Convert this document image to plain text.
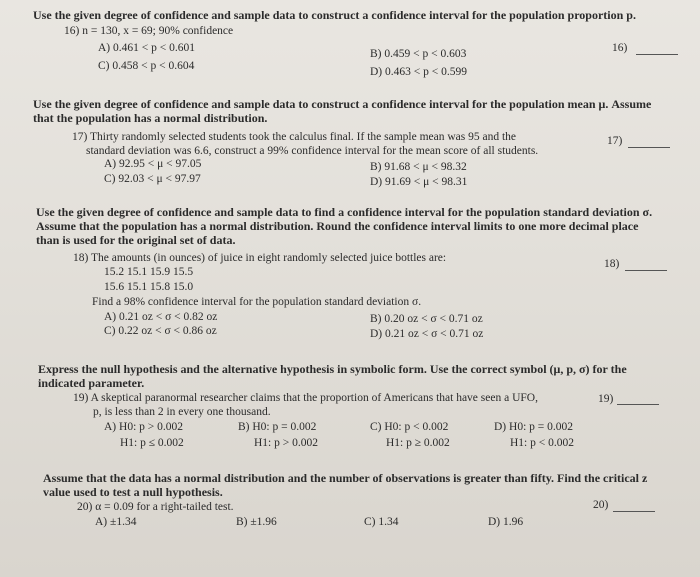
Use the given degree of confidence and sample data to construct a confidence interval for the population proportion p.
16) n = 130, x = 69; 90% confidence
16)
A) 0.461 < p < 0.601	B) 0.459 < p < 0.603
C) 0.458 < p < 0.604	D) 0.463 < p < 0.599
Use the given degree of confidence and sample data to construct a confidence interval for the population mean μ. Assume
that the population has a normal distribution.
17) Thirty randomly selected students took the calculus final. If the sample mean was 95 and the	17)
standard deviation was 6.6, construct a 99% confidence interval for the mean score of all students.
A) 92.95 < μ < 97.05	B) 91.68 < μ < 98.32
C) 92.03 < μ < 97.97	D) 91.69 < μ < 98.31
Use the given degree of confidence and sample data to find a confidence interval for the population standard deviation σ.
Assume that the population has a normal distribution. Round the confidence interval limits to one more decimal place
than is used for the original set of data.
18) The amounts (in ounces) of juice in eight randomly selected juice bottles are:	18)
15.2 15.1 15.9 15.5
15.6 15.1 15.8 15.0
Find a 98% confidence interval for the population standard deviation σ.
A) 0.21 oz < σ < 0.82 oz	B) 0.20 oz < σ < 0.71 oz
C) 0.22 oz < σ < 0.86 oz	D) 0.21 oz < σ < 0.71 oz
Express the null hypothesis and the alternative hypothesis in symbolic form. Use the correct symbol (μ, p, σ) for the
indicated parameter.
19) A skeptical paranormal researcher claims that the proportion of Americans that have seen a UFO,	19)
p, is less than 2 in every one thousand.
A) H0: p > 0.002
H1: p ≤ 0.002
B) H0: p = 0.002
H1: p > 0.002
C) H0: p < 0.002
H1: p ≥ 0.002
D) H0: p = 0.002
H1: p < 0.002
Assume that the data has a normal distribution and the number of observations is greater than fifty. Find the critical z
value used to test a null hypothesis.
20) α = 0.09 for a right-tailed test.	20)
A) ±1.34	B) ±1.96	C) 1.34	D) 1.96
